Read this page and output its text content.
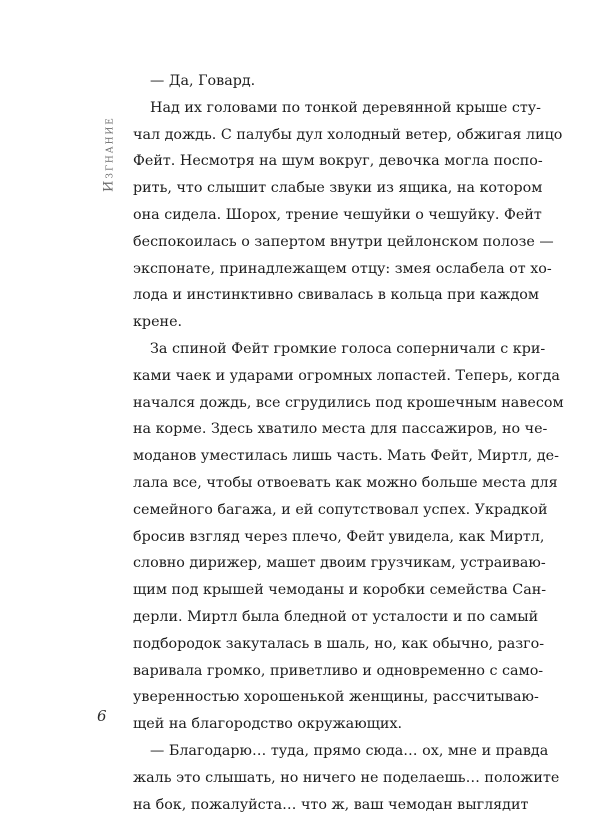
Изгнание
— Да, Говард.
Над их головами по тонкой деревянной крыше сту-
чал дождь. С палубы дул холодный ветер, обжигая лицо
Фейт. Несмотря на шум вокруг, девочка могла поспо-
рить, что слышит слабые звуки из ящика, на котором
она сидела. Шорох, трение чешуйки о чешуйку. Фейт
беспокоилась о запертом внутри цейлонском полозе —
экспонате, принадлежащем отцу: змея ослабела от хо-
лода и инстинктивно свивалась в кольца при каждом
крене.
За спиной Фейт громкие голоса соперничали с кри-
ками чаек и ударами огромных лопастей. Теперь, когда
начался дождь, все сгрудились под крошечным навесом
на корме. Здесь хватило места для пассажиров, но че-
моданов уместилась лишь часть. Мать Фейт, Миртл, де-
лала все, чтобы отвоевать как можно больше места для
семейного багажа, и ей сопутствовал успех. Украдкой
бросив взгляд через плечо, Фейт увидела, как Миртл,
словно дирижер, машет двоим грузчикам, устраиваю-
щим под крышей чемоданы и коробки семейства Сан-
дерли. Миртл была бледной от усталости и по самый
подбородок закуталась в шаль, но, как обычно, разго-
варивала громко, приветливо и одновременно с само-
уверенностью хорошенькой женщины, рассчитываю-
щей на благородство окружающих.
— Благодарю… туда, прямо сюда… ох, мне и правда
жаль это слышать, но ничего не поделаешь… положите
на бок, пожалуйста… что ж, ваш чемодан выглядит
6
